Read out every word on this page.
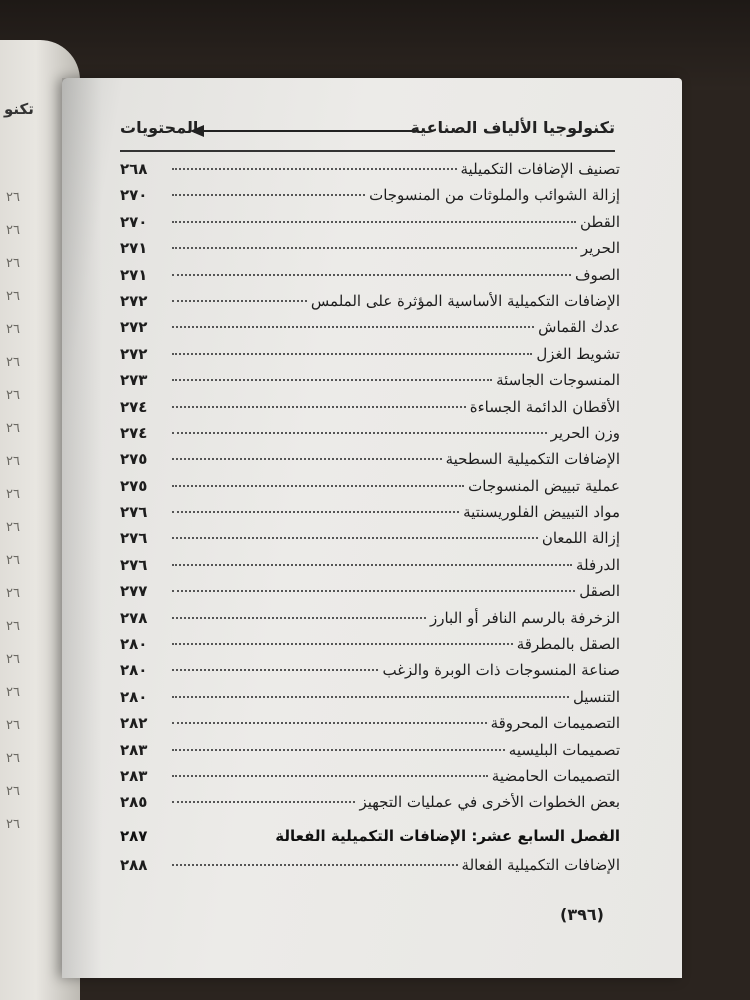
تكنو
٢٦
٢٦
٢٦
٢٦
٢٦
٢٦
٢٦
٢٦
٢٦
٢٦
٢٦
٢٦
٢٦
٢٦
٢٦
٢٦
٢٦
٢٦
٢٦
٢٦
تكنولوجيا الألياف الصناعية
المحتويات
تصنيف الإضافات التكميلية
٢٦٨
إزالة الشوائب والملوثات من المنسوجات
٢٧٠
القطن
٢٧٠
الحرير
٢٧١
الصوف
٢٧١
الإضافات التكميلية الأساسية المؤثرة على الملمس
٢٧٢
عدك القماش
٢٧٢
تشويط الغزل
٢٧٢
المنسوجات الجاسئة
٢٧٣
الأقطان الدائمة الجساءة
٢٧٤
وزن الحرير
٢٧٤
الإضافات التكميلية السطحية
٢٧٥
عملية تبييض المنسوجات
٢٧٥
مواد التبييض الفلوريسنتية
٢٧٦
إزالة اللمعان
٢٧٦
الدرفلة
٢٧٦
الصقل
٢٧٧
الزخرفة بالرسم النافر أو البارز
٢٧٨
الصقل بالمطرقة
٢٨٠
صناعة المنسوجات ذات الوبرة والزغب
٢٨٠
التنسيل
٢٨٠
التصميمات المحروقة
٢٨٢
تصميمات البليسيه
٢٨٣
التصميمات الحامضية
٢٨٣
بعض الخطوات الأخرى في عمليات التجهيز
٢٨٥
الفصل السابع عشر: الإضافات التكميلية الفعالة
٢٨٧
الإضافات التكميلية الفعالة
٢٨٨
(٣٩٦)
